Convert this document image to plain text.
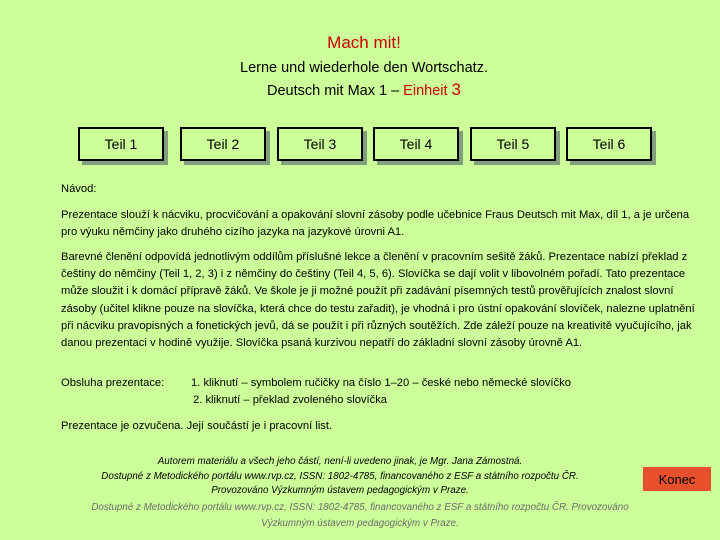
Mach mit!
Lerne und wiederhole den Wortschatz.
Deutsch mit Max 1 – Einheit 3
Teil 1	Teil 2	Teil 3	Teil 4	Teil 5	Teil 6
Návod:

Prezentace slouží k nácviku, procvičování a opakování slovní zásoby podle učebnice Fraus Deutsch mit Max, díl 1, a je určena pro výuku němčiny jako druhého cizího jazyka na jazykové úrovni A1.

Barevné členění odpovídá jednotlivým oddílům příslušné lekce a členění v pracovním sešitě žáků. Prezentace nabízí překlad z češtiny do němčiny (Teil 1, 2, 3) i z němčiny do češtiny (Teil 4, 5, 6). Slovíčka se dají volit v libovolném pořadí. Tato prezentace může sloužit i k domácí přípravě žáků. Ve škole je ji možné použít při zadávání písemných testů prověřujících znalost slovní zásoby (učitel klikne pouze na slovíčka, která chce do testu zařadit), je vhodná i pro ústní opakování slovíček, nalezne uplatnění při nácviku pravopisných a fonetických jevů, dá se použít i při různých soutěžích. Zde záleží pouze na kreativitě vyučujícího, jak danou prezentaci v hodině využije. Slovíčka psaná kurzivou nepatří do základní slovní zásoby úrovně A1.

Obsluha prezentace: 1. kliknutí – symbolem ručičky na číslo 1–20 – české nebo německé slovíčko
2. kliknutí – překlad zvoleného slovíčka
Prezentace je ozvučena. Její součástí je i pracovní list.
Autorem materiálu a všech jeho částí, není-li uvedeno jinak, je Mgr. Jana Zámostná.
Dostupné z Metodického portálu www.rvp.cz, ISSN: 1802-4785, financovaného z ESF a státního rozpočtu ČR.
Provozováno Výzkumným ústavem pedagogickým v Praze.
Dostupné z Metodického portálu www.rvp.cz, ISSN: 1802-4785, financovaného z ESF a státního rozpočtu ČR. Provozováno
Výzkumným ústavem pedagogickým v Praze.
Konec
